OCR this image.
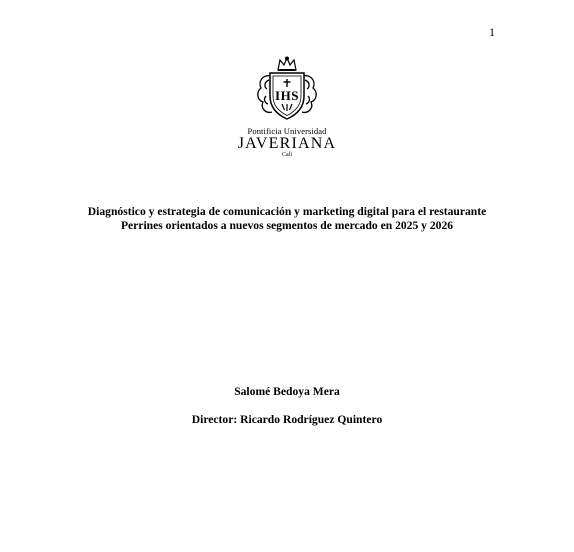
1
IHS
Pontificia Universidad
JAVERIANA
Cali
Diagnóstico y estrategia de comunicación y marketing digital para el restaurante
Perrines orientados a nuevos segmentos de mercado en 2025 y 2026
Salomé Bedoya Mera
Director: Ricardo Rodríguez Quintero
